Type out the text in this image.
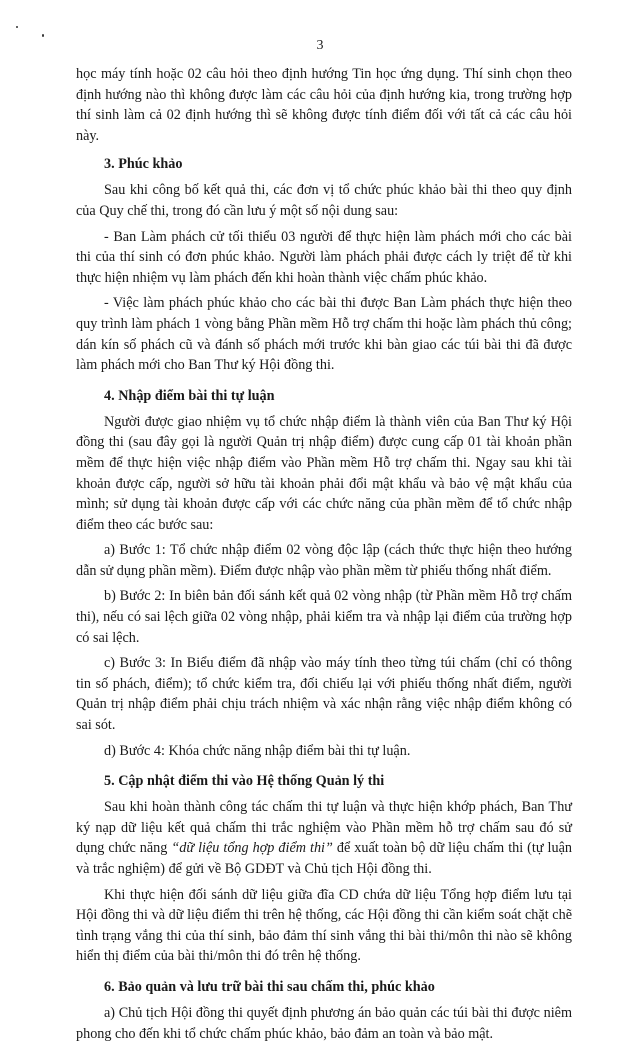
3

học máy tính hoặc 02 câu hỏi theo định hướng Tin học ứng dụng. Thí sinh chọn theo định hướng nào thì không được làm các câu hỏi của định hướng kia, trong trường hợp thí sinh làm cả 02 định hướng thì sẽ không được tính điểm đối với tất cả các câu hỏi này.

3. Phúc khảo

Sau khi công bố kết quả thi, các đơn vị tổ chức phúc khảo bài thi theo quy định của Quy chế thi, trong đó cần lưu ý một số nội dung sau:

- Ban Làm phách cử tối thiểu 03 người để thực hiện làm phách mới cho các bài thi của thí sinh có đơn phúc khảo. Người làm phách phải được cách ly triệt để từ khi thực hiện nhiệm vụ làm phách đến khi hoàn thành việc chấm phúc khảo.

- Việc làm phách phúc khảo cho các bài thi được Ban Làm phách thực hiện theo quy trình làm phách 1 vòng bằng Phần mềm Hỗ trợ chấm thi hoặc làm phách thủ công; dán kín số phách cũ và đánh số phách mới trước khi bàn giao các túi bài thi đã được làm phách mới cho Ban Thư ký Hội đồng thi.

4. Nhập điểm bài thi tự luận

Người được giao nhiệm vụ tổ chức nhập điểm là thành viên của Ban Thư ký Hội đồng thi (sau đây gọi là người Quản trị nhập điểm) được cung cấp 01 tài khoản phần mềm để thực hiện việc nhập điểm vào Phần mềm Hỗ trợ chấm thi. Ngay sau khi tài khoản được cấp, người sở hữu tài khoản phải đổi mật khẩu và bảo vệ mật khẩu của mình; sử dụng tài khoản được cấp với các chức năng của phần mềm để tổ chức nhập điểm theo các bước sau:

a) Bước 1: Tổ chức nhập điểm 02 vòng độc lập (cách thức thực hiện theo hướng dẫn sử dụng phần mềm). Điểm được nhập vào phần mềm từ phiếu thống nhất điểm.

b) Bước 2: In biên bản đối sánh kết quả 02 vòng nhập (từ Phần mềm Hỗ trợ chấm thi), nếu có sai lệch giữa 02 vòng nhập, phải kiểm tra và nhập lại điểm của trường hợp có sai lệch.

c) Bước 3: In Biểu điểm đã nhập vào máy tính theo từng túi chấm (chỉ có thông tin số phách, điểm); tổ chức kiểm tra, đối chiếu lại với phiếu thống nhất điểm, người Quản trị nhập điểm phải chịu trách nhiệm và xác nhận rằng việc nhập điểm không có sai sót.

d) Bước 4: Khóa chức năng nhập điểm bài thi tự luận.

5. Cập nhật điểm thi vào Hệ thống Quản lý thi

Sau khi hoàn thành công tác chấm thi tự luận và thực hiện khớp phách, Ban Thư ký nạp dữ liệu kết quả chấm thi trắc nghiệm vào Phần mềm hỗ trợ chấm sau đó sử dụng chức năng “dữ liệu tổng hợp điểm thi” để xuất toàn bộ dữ liệu chấm thi (tự luận và trắc nghiệm) để gửi về Bộ GDĐT và Chủ tịch Hội đồng thi.

Khi thực hiện đối sánh dữ liệu giữa đĩa CD chứa dữ liệu Tổng hợp điểm lưu tại Hội đồng thi và dữ liệu điểm thi trên hệ thống, các Hội đồng thi cần kiểm soát chặt chẽ tình trạng vắng thi của thí sinh, bảo đảm thí sinh vắng thi bài thi/môn thi nào sẽ không hiển thị điểm của bài thi/môn thi đó trên hệ thống.

6. Bảo quản và lưu trữ bài thi sau chấm thi, phúc khảo

a) Chủ tịch Hội đồng thi quyết định phương án bảo quản các túi bài thi được niêm phong cho đến khi tổ chức chấm phúc khảo, bảo đảm an toàn và bảo mật.
